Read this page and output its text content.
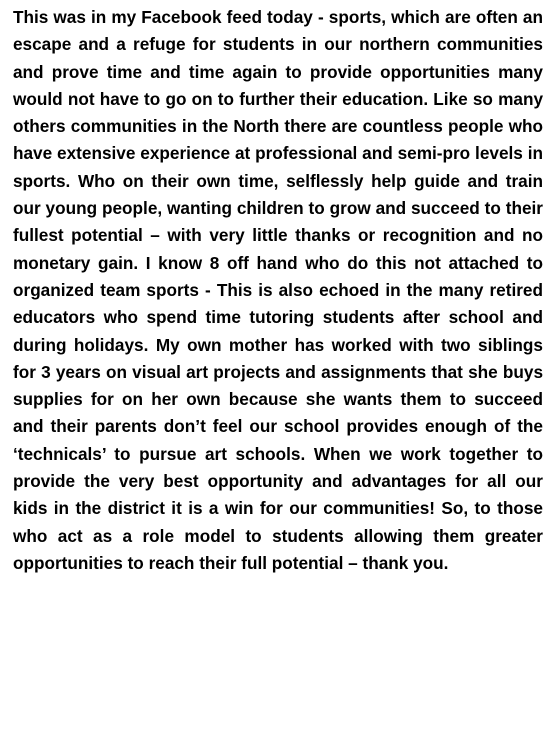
This was in my Facebook feed today - sports, which are often an escape and a refuge for students in our northern communities and prove time and time again to provide opportunities many would not have to go on to further their education. Like so many others communities in the North there are countless people who have extensive experience at professional and semi-pro levels in sports. Who on their own time, selflessly help guide and train our young people, wanting children to grow and succeed to their fullest potential – with very little thanks or recognition and no monetary gain. I know 8 off hand who do this not attached to organized team sports - This is also echoed in the many retired educators who spend time tutoring students after school and during holidays. My own mother has worked with two siblings for 3 years on visual art projects and assignments that she buys supplies for on her own because she wants them to succeed and their parents don’t feel our school provides enough of the ‘technicals’ to pursue art schools. When we work together to provide the very best opportunity and advantages for all our kids in the district it is a win for our communities! So, to those who act as a role model to students allowing them greater opportunities to reach their full potential – thank you.
